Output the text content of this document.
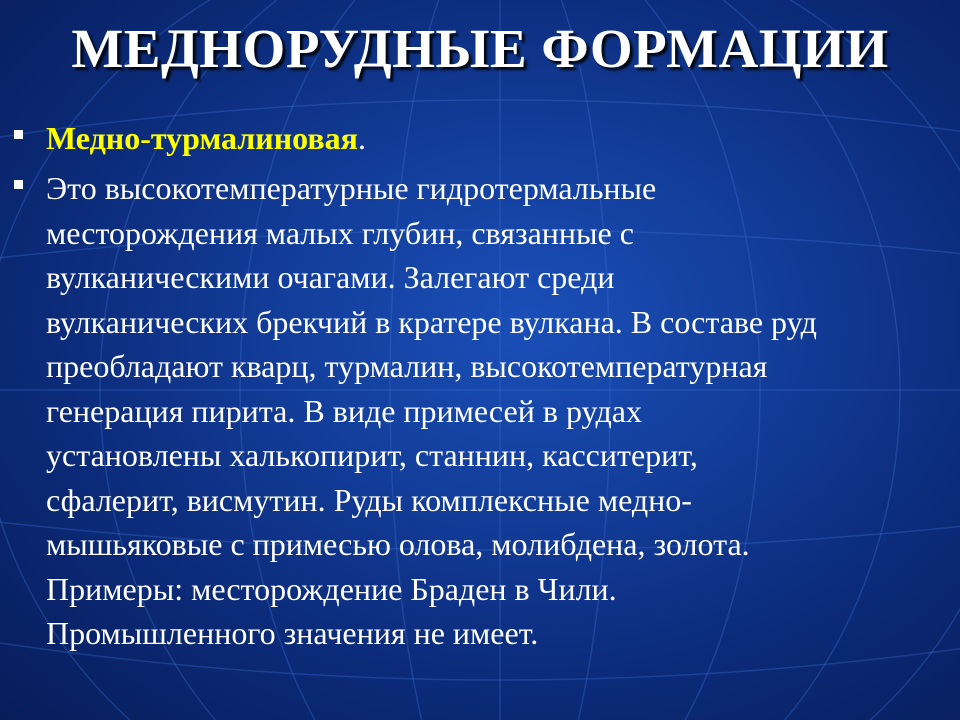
МЕДНОРУДНЫЕ ФОРМАЦИИ
Медно-турмалиновая.
Это высокотемпературные гидротермальные
месторождения малых глубин, связанные с
вулканическими очагами. Залегают среди
вулканических брекчий в кратере вулкана. В составе руд
преобладают кварц, турмалин, высокотемпературная
генерация пирита. В виде примесей в рудах
установлены халькопирит, станнин, касситерит,
сфалерит, висмутин. Руды комплексные медно-
мышьяковые с примесью олова, молибдена, золота.
Примеры: месторождение Браден в Чили.
Промышленного значения не имеет.
